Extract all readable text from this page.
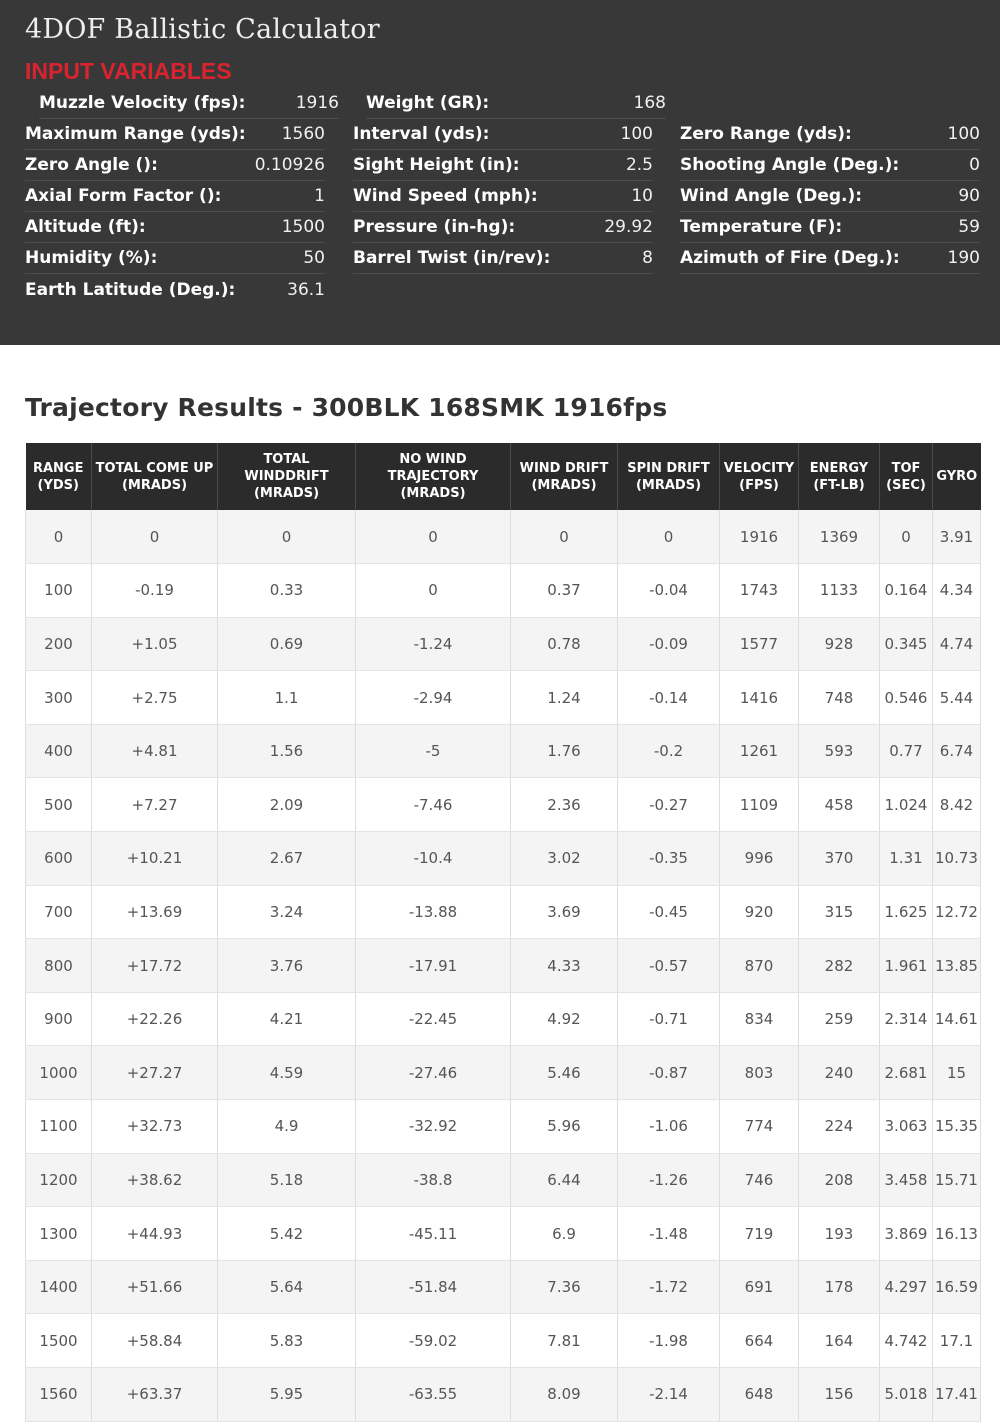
4DOF Ballistic Calculator
INPUT VARIABLES
Muzzle Velocity (fps):	1916
Maximum Range (yds): 1560
Zero Angle ():	0.10926
Axial Form Factor ():	1
Altitude (ft):	1500
Humidity (%):	50
Earth Latitude (Deg.):	36.1
Weight (GR):	168
Interval (yds):	100
Sight Height (in):	2.5
Wind Speed (mph):	10
Pressure (in-hg):	29.92
Barrel Twist (in/rev):	8
Zero Range (yds):	100
Shooting Angle (Deg.):	0
Wind Angle (Deg.):	90
Temperature (F):	59
Azimuth of Fire (Deg.):	190
Trajectory Results - 300BLK 168SMK 1916fps
RANGE (YDS)	TOTAL COME UP (MRADS)	TOTAL WINDDRIFT (MRADS)	NO WIND TRAJECTORY (MRADS)	WIND DRIFT (MRADS)	SPIN DRIFT (MRADS)	VELOCITY (FPS)	ENERGY (FT-LB)	TOF (SEC)	GYRO
0	0	0	0	0	0	1916	1369	0	3.91
100	-0.19	0.33	0	0.37	-0.04	1743	1133	0.164	4.34
200	+1.05	0.69	-1.24	0.78	-0.09	1577	928	0.345	4.74
300	+2.75	1.1	-2.94	1.24	-0.14	1416	748	0.546	5.44
400	+4.81	1.56	-5	1.76	-0.2	1261	593	0.77	6.74
500	+7.27	2.09	-7.46	2.36	-0.27	1109	458	1.024	8.42
600	+10.21	2.67	-10.4	3.02	-0.35	996	370	1.31	10.73
700	+13.69	3.24	-13.88	3.69	-0.45	920	315	1.625	12.72
800	+17.72	3.76	-17.91	4.33	-0.57	870	282	1.961	13.85
900	+22.26	4.21	-22.45	4.92	-0.71	834	259	2.314	14.61
1000	+27.27	4.59	-27.46	5.46	-0.87	803	240	2.681	15
1100	+32.73	4.9	-32.92	5.96	-1.06	774	224	3.063	15.35
1200	+38.62	5.18	-38.8	6.44	-1.26	746	208	3.458	15.71
1300	+44.93	5.42	-45.11	6.9	-1.48	719	193	3.869	16.13
1400	+51.66	5.64	-51.84	7.36	-1.72	691	178	4.297	16.59
1500	+58.84	5.83	-59.02	7.81	-1.98	664	164	4.742	17.1
1560	+63.37	5.95	-63.55	8.09	-2.14	648	156	5.018	17.41
